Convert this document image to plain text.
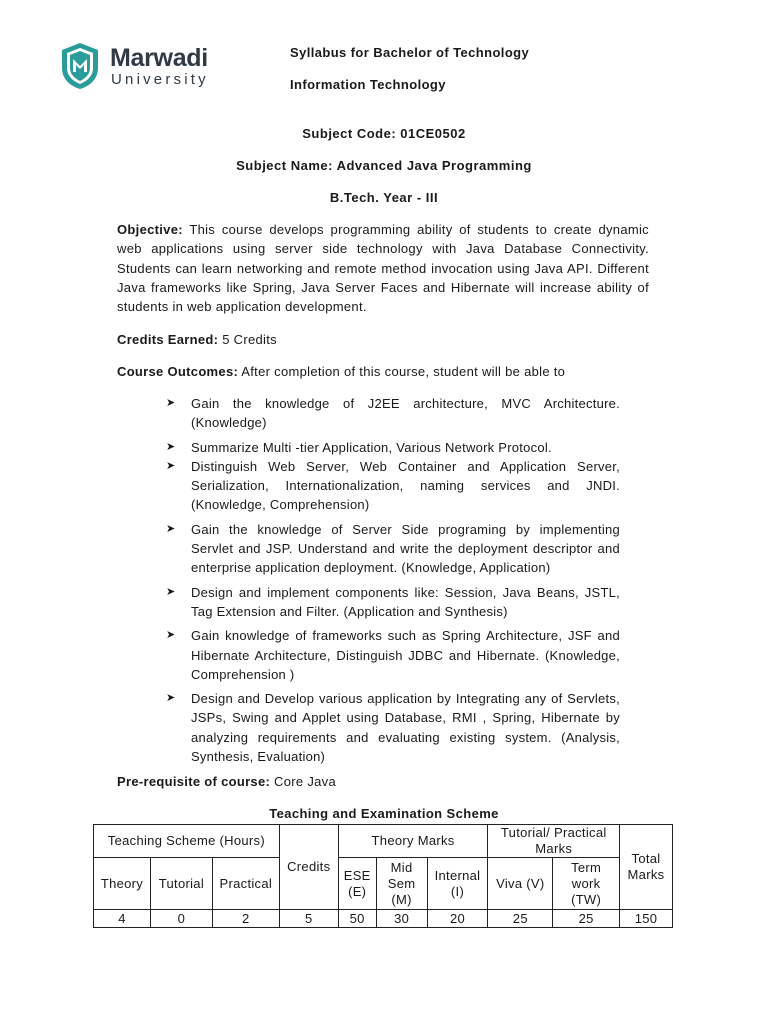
Marwadi
University
Syllabus for Bachelor of Technology
Information Technology
Subject Code: 01CE0502
Subject Name: Advanced Java Programming
B.Tech. Year - III

Objective: This course develops programming ability of students to create dynamic web applications using server side technology with Java Database Connectivity. Students can learn networking and remote method invocation using Java API. Different Java frameworks like Spring, Java Server Faces and Hibernate will increase ability of students in web application development.

Credits Earned: 5 Credits

Course Outcomes: After completion of this course, student will be able to

➤ Gain the knowledge of J2EE architecture, MVC Architecture. (Knowledge)
➤ Summarize Multi -tier Application, Various Network Protocol.
➤ Distinguish Web Server, Web Container and Application Server, Serialization, Internationalization, naming services and JNDI. (Knowledge, Comprehension)
➤ Gain the knowledge of Server Side programing by implementing Servlet and JSP. Understand and write the deployment descriptor and enterprise application deployment. (Knowledge, Application)
➤ Design and implement components like: Session, Java Beans, JSTL, Tag Extension and Filter. (Application and Synthesis)
➤ Gain knowledge of frameworks such as Spring Architecture, JSF and Hibernate Architecture, Distinguish JDBC and Hibernate. (Knowledge, Comprehension )
➤ Design and Develop various application by Integrating any of Servlets, JSPs, Swing and Applet using Database, RMI , Spring, Hibernate by analyzing requirements and evaluating existing system. (Analysis, Synthesis, Evaluation)

Pre-requisite of course: Core Java

Teaching and Examination Scheme
Teaching Scheme (Hours)			Credits	Theory Marks			Tutorial/ Practical Marks		Total Marks
Theory	Tutorial	Practical		ESE (E)	Mid Sem (M)	Internal (I)	Viva (V)	Term work (TW)	
4	0	2	5	50	30	20	25	25	150
